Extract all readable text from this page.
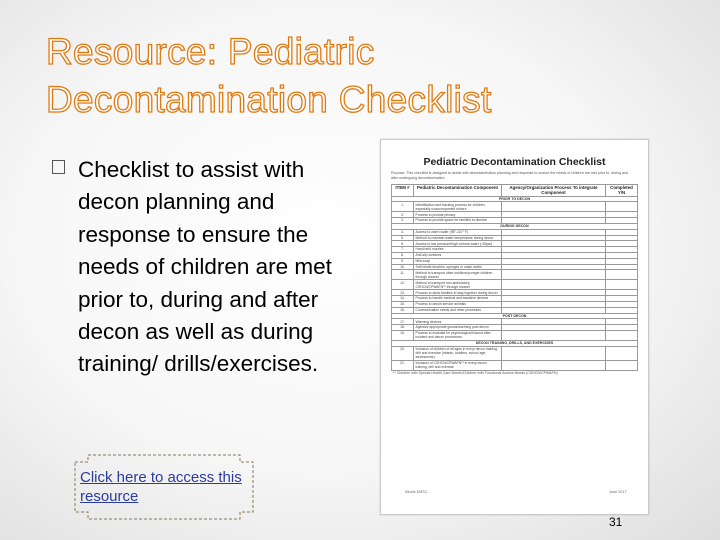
Resource: Pediatric
Decontamination Checklist
Checklist to assist with decon planning and response to ensure the needs of children are met prior to, during and after decon as well as during training/ drills/exercises.
Click here to access this resource
Pediatric Decontamination Checklist
Purpose: This checklist is designed to assist with decontamination planning and response to ensure the needs of children are met prior to, during and after undergoing decontamination.
ITEM #	Pediatric Decontamination Component	Agency/Organization Process To integrate Component	Completed Y/N
PRIOR TO DECON			
1.	Identification and tracking process for children, especially unaccompanied minors		
2.	Process to provide privacy		
3.	Process to provide space for families to disrobe		
DURING DECON			
4.	Access to warm water (98°-110° F)		
5.	Method to maintain water temperature during decon		
6.	Access to low pressure/high volume water (<60psi)		
7.	Hand held nozzles		
8.	Anti-slip surfaces		
9.	Mild soap		
10.	Soft bristle brushes, sponges or wash cloths		
11.	Method to transport older toddlers/younger children through shower		
12.	Method to transport non-ambulatory, CSHCN/CPWAFN** through shower		
13.	Process to allow families to stay together during decon		
14.	Process to handle medical and assistive devices		
15.	Process to decon service animals		
16.	Communication needs and other processes		
POST DECON			
17.	Warming devices		
18.	Age/size appropriate gowns/warming post decon		
19.	Process to evaluate for psychological trauma after incident and decon procedures		
DECON TRAINING, DRILLS, AND EXERCISES			
20.	Inclusion of children of all ages in every decon training, drill and exercise (infants, toddlers, school age, adolescents)		
21.	Inclusion of CSHCN/CPWAFN** in every decon training, drill and exercise		
** Children with Special Health Care Needs/Children with Functional Access Needs (CSHCN/CPWAFN)			
Illinois EMSC	June 2017
31
